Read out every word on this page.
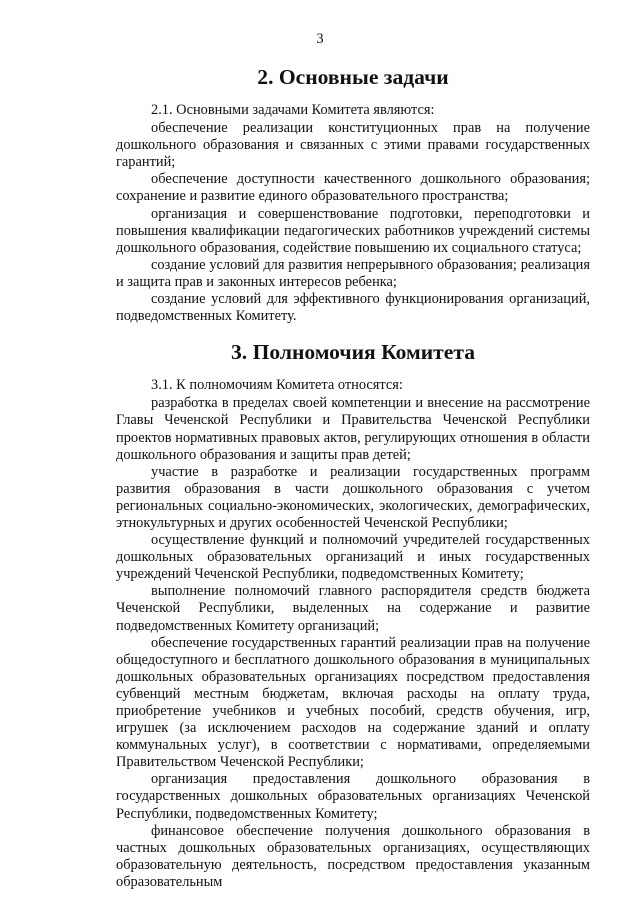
3
2. Основные задачи

2.1. Основными задачами Комитета являются:

обеспечение реализации конституционных прав на получение дошкольного образования и связанных с этими правами государственных гарантий;

обеспечение доступности качественного дошкольного образования; сохранение и развитие единого образовательного пространства;

организация и совершенствование подготовки, переподготовки и повышения квалификации педагогических работников учреждений системы дошкольного образования, содействие повышению их социального статуса;

создание условий для развития непрерывного образования; реализация и защита прав и законных интересов ребенка;

создание условий для эффективного функционирования организаций, подведомственных Комитету.

3. Полномочия Комитета

3.1. К полномочиям Комитета относятся:

разработка в пределах своей компетенции и внесение на рассмотрение Главы Чеченской Республики и Правительства Чеченской Республики проектов нормативных правовых актов, регулирующих отношения в области дошкольного образования и защиты прав детей;

участие в разработке и реализации государственных программ развития образования в части дошкольного образования с учетом региональных социально-экономических, экологических, демографических, этнокультурных и других особенностей Чеченской Республики;

осуществление функций и полномочий учредителей государственных дошкольных образовательных организаций и иных государственных учреждений Чеченской Республики, подведомственных Комитету;

выполнение полномочий главного распорядителя средств бюджета Чеченской Республики, выделенных на содержание и развитие подведомственных Комитету организаций;

обеспечение государственных гарантий реализации прав на получение общедоступного и бесплатного дошкольного образования в муниципальных дошкольных образовательных организациях посредством предоставления субвенций местным бюджетам, включая расходы на оплату труда, приобретение учебников и учебных пособий, средств обучения, игр, игрушек (за исключением расходов на содержание зданий и оплату коммунальных услуг), в соответствии с нормативами, определяемыми Правительством Чеченской Республики;

организация предоставления дошкольного образования в государственных дошкольных образовательных организациях Чеченской Республики, подведомственных Комитету;

финансовое обеспечение получения дошкольного образования в частных дошкольных образовательных организациях, осуществляющих образовательную деятельность, посредством предоставления указанным образовательным
